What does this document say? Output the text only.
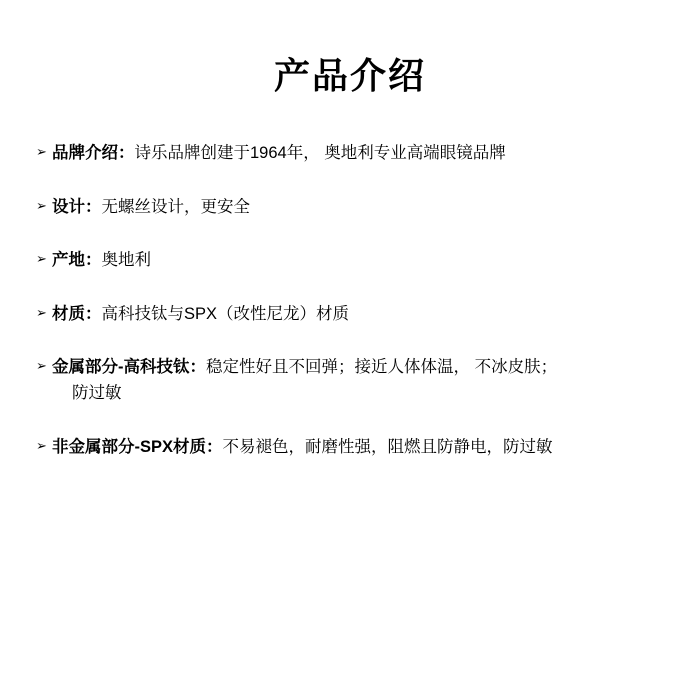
产品介绍
➢ 品牌介绍：诗乐品牌创建于1964年， 奥地利专业高端眼镜品牌
➢ 设计：无螺丝设计，更安全
➢ 产地：奥地利
➢ 材质：高科技钛与SPX（改性尼龙）材质
➢ 金属部分-高科技钛：稳定性好且不回弹；接近人体体温， 不冰皮肤；
防过敏
➢ 非金属部分-SPX材质：不易褪色，耐磨性强，阻燃且防静电，防过敏
